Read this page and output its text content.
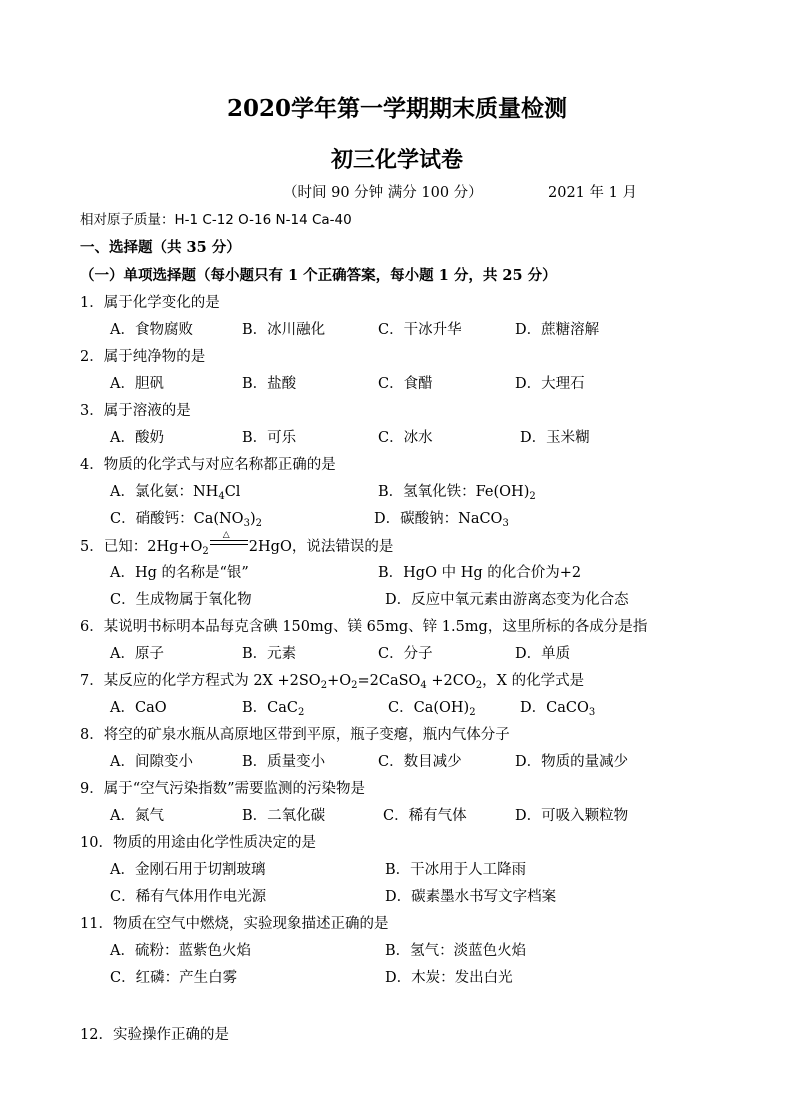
2020学年第一学期期末质量检测
初三化学试卷
（时间 90 分钟 满分 100 分）	2021 年 1 月
相对原子质量：H-1 C-12 O-16 N-14 Ca-40
一、选择题（共 35 分）
（一）单项选择题（每小题只有 1 个正确答案，每小题 1 分，共 25 分）
1．属于化学变化的是
A．食物腐败	B．冰川融化	C．干冰升华	D．蔗糖溶解
2．属于纯净物的是
A．胆矾	B．盐酸	C．食醋	D．大理石
3．属于溶液的是
A．酸奶	B．可乐	C．冰水	D．玉米糊
4．物质的化学式与对应名称都正确的是
A．氯化氨：$NH_4Cl$	B．氢氧化铁：$Fe(OH)_2$
C．硝酸钙：$Ca(NO_3)_2$	D．碳酸钠：NaCO$_3$
5．已知：$2Hg+O_2$
△
2HgO，说法错误的是
A．Hg 的名称是“银”	B．HgO 中 Hg 的化合价为+2
C．生成物属于氧化物	D．反应中氧元素由游离态变为化合态
6．某说明书标明本品每克含碘 150mg、镁 65mg、锌 1.5mg，这里所标的各成分是指
A．原子	B．元素	C．分子	D．单质
7．某反应的化学方程式为 $2X +2SO_2+O_2=2CaSO_4 +2CO_2$，X 的化学式是
A．CaO	B．CaC$_2$	C．$Ca(OH)_2$	D．CaCO$_3$
8．将空的矿泉水瓶从高原地区带到平原，瓶子变瘪，瓶内气体分子
A．间隙变小	B．质量变小	C．数目减少	D．物质的量减少
9．属于“空气污染指数”需要监测的污染物是
A．氮气	B．二氧化碳	C．稀有气体	D．可吸入颗粒物
10．物质的用途由化学性质决定的是
A．金刚石用于切割玻璃	B．干冰用于人工降雨
C．稀有气体用作电光源	D．碳素墨水书写文字档案
11．物质在空气中燃烧，实验现象描述正确的是
A．硫粉：蓝紫色火焰	B．氢气：淡蓝色火焰
C．红磷：产生白雾	D．木炭：发出白光
12．实验操作正确的是
